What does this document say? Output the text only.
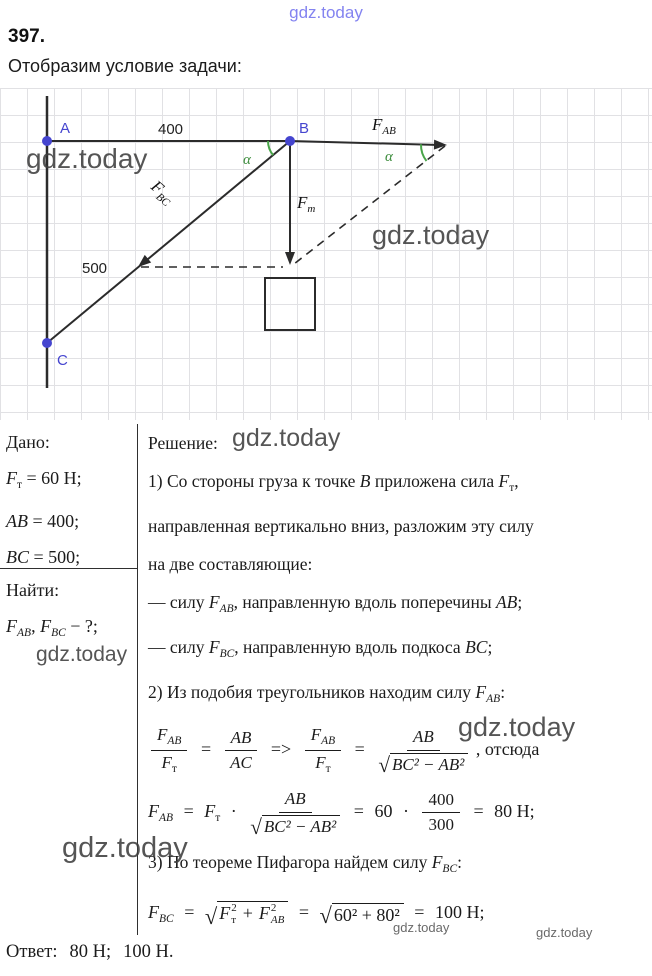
gdz.today
397.
Отобразим условие задачи:
A	B
C
400
500
$F_{AB}$
$F_т$
$F_{BC}$
α	α
gdz.today
gdz.today
Дано:
$F_т = 60$ Н;
AB = 400;
BC = 500;
Найти:
$F_{AB}$, $F_{BC}$ − ?;
Решение:
1) Со стороны груза к точке B приложена сила $F_т$,
направленная вертикально вниз, разложим эту силу
на две составляющие:
— силу $F_{AB}$, направленную вдоль поперечины AB;
— силу $F_{BC}$, направленную вдоль подкоса BC;
2) Из подобия треугольников находим силу $F_{AB}$:
$\frac{F_{AB}}{F_т} = \frac{AB}{AC} => \frac{F_{AB}}{F_т} = \frac{AB}{\text{√ BC² − AB²}}$ , отсюда
$F_{AB} = F_т \cdot \frac{AB}{\text{√ BC² − AB²}} = 60 \cdot \frac{400}{300} = 80$ Н;
3) По теореме Пифагора найдем силу $F_{BC}$:
$F_{BC}$ = √ F 2
т + F 2
AB = √ 60² + 80² = 100 Н;
gdz.today
gdz.today
gdz.today
gdz.today
gdz.today	gdz.today
Ответ: 80 Н; 100 Н.
